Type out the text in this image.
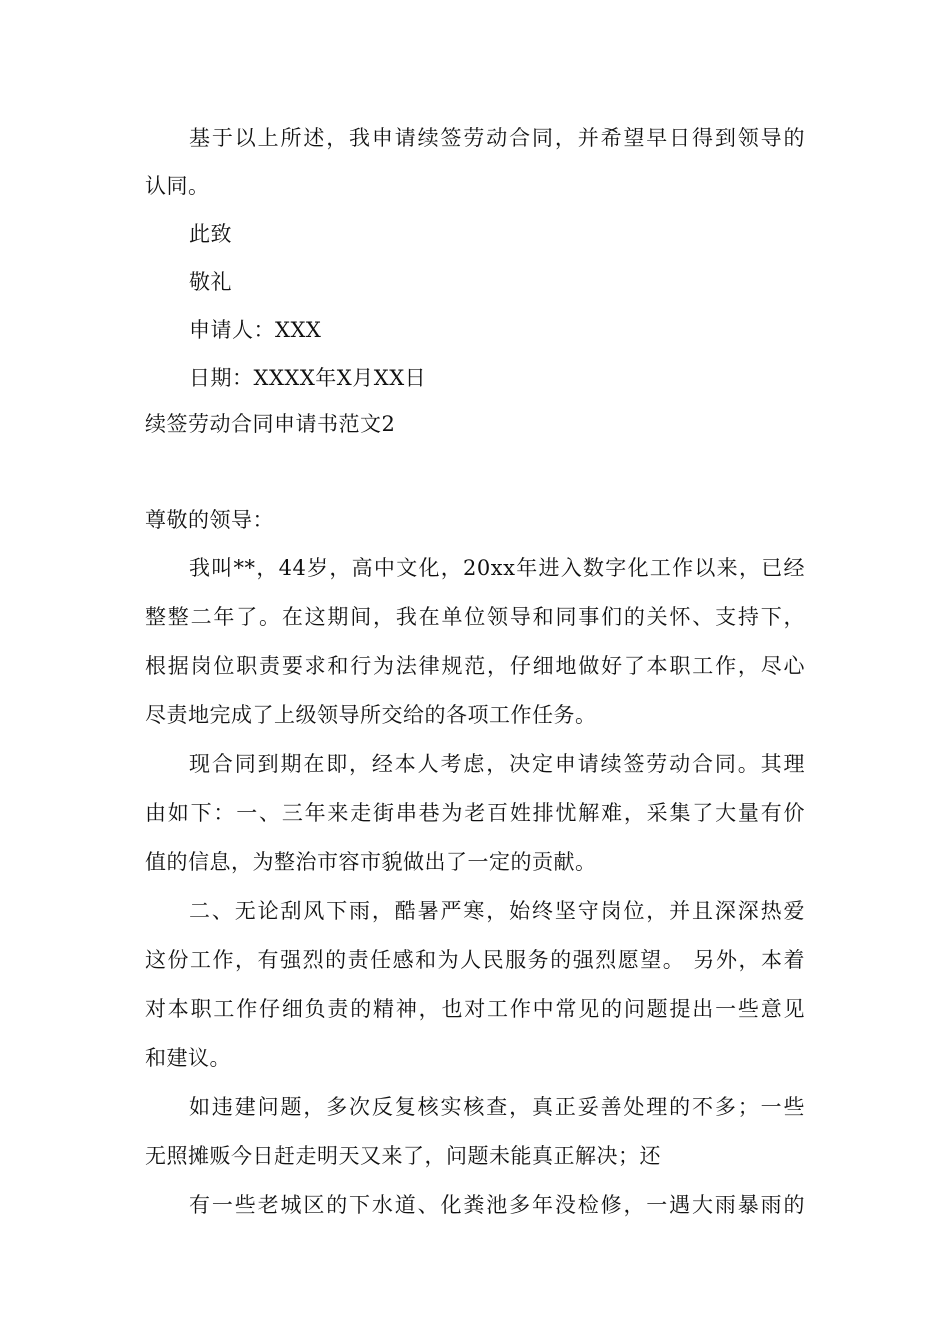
基于以上所述，我申请续签劳动合同，并希望早日得到领导的
认同。
此致
敬礼
申请人：XXX
日期：XXXX年X月XX日
续签劳动合同申请书范文2
尊敬的领导：
我叫**，44岁，高中文化，20xx年进入数字化工作以来，已经
整整二年了。在这期间，我在单位领导和同事们的关怀、支持下，
根据岗位职责要求和行为法律规范，仔细地做好了本职工作，尽心
尽责地完成了上级领导所交给的各项工作任务。
现合同到期在即，经本人考虑，决定申请续签劳动合同。其理
由如下：一、三年来走街串巷为老百姓排忧解难，采集了大量有价
值的信息，为整治市容市貌做出了一定的贡献。
二、无论刮风下雨，酷暑严寒，始终坚守岗位，并且深深热爱
这份工作，有强烈的责任感和为人民服务的强烈愿望。 另外，本着
对本职工作仔细负责的精神，也对工作中常见的问题提出一些意见
和建议。
如违建问题，多次反复核实核查，真正妥善处理的不多；一些
无照摊贩今日赶走明天又来了，问题未能真正解决；还
有一些老城区的下水道、化粪池多年没检修，一遇大雨暴雨的
